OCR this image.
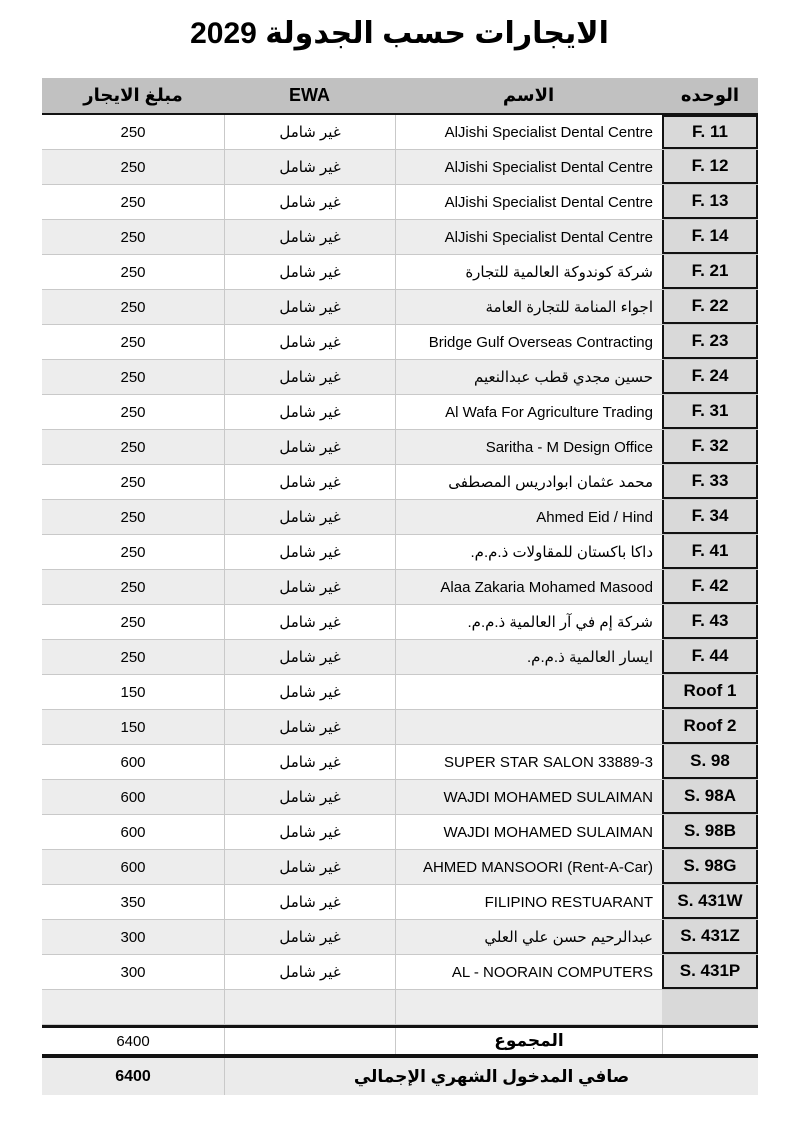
الايجارات حسب الجدولة 2029
الوحده
الاسم
EWA
مبلغ الايجار
F. 11
AlJishi Specialist Dental Centre
غير شامل
250
F. 12
AlJishi Specialist Dental Centre
غير شامل
250
F. 13
AlJishi Specialist Dental Centre
غير شامل
250
F. 14
AlJishi Specialist Dental Centre
غير شامل
250
F. 21
شركة كوندوكة العالمية للتجارة
غير شامل
250
F. 22
اجواء المنامة للتجارة العامة
غير شامل
250
F. 23
Bridge Gulf Overseas Contracting
غير شامل
250
F. 24
حسين مجدي قطب عبدالنعيم
غير شامل
250
F. 31
Al Wafa For Agriculture Trading
غير شامل
250
F. 32
Saritha - M Design Office
غير شامل
250
F. 33
محمد عثمان ابوادريس المصطفى
غير شامل
250
F. 34
Ahmed Eid / Hind
غير شامل
250
F. 41
داكا باكستان للمقاولات ذ.م.م.
غير شامل
250
F. 42
Alaa Zakaria Mohamed Masood
غير شامل
250
F. 43
شركة إم في آر العالمية ذ.م.م.
غير شامل
250
F. 44
ايسار العالمية ذ.م.م.
غير شامل
250
Roof 1
غير شامل
150
Roof 2
غير شامل
150
S. 98
SUPER STAR SALON 33889-3
غير شامل
600
S. 98A
WAJDI MOHAMED SULAIMAN
غير شامل
600
S. 98B
WAJDI MOHAMED SULAIMAN
غير شامل
600
S. 98G
AHMED MANSOORI (Rent-A-Car)
غير شامل
600
S. 431W
FILIPINO RESTUARANT
غير شامل
350
S. 431Z
عبدالرحيم حسن علي العلي
غير شامل
300
S. 431P
AL - NOORAIN COMPUTERS
غير شامل
300
المجموع
6400
صافي المدخول الشهري الإجمالي
6400
